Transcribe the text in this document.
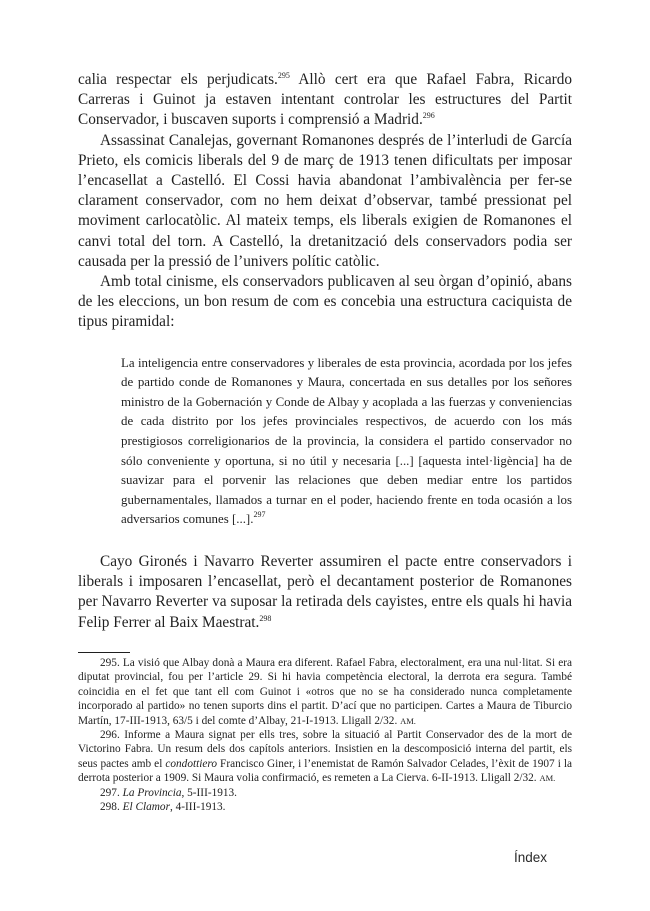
calia respectar els perjudicats.$^{295}$ Allò cert era que Rafael Fabra, Ricardo Carreras i Guinot ja estaven intentant controlar les estructures del Partit Conservador, i buscaven suports i comprensió a Madrid.$^{296}$

Assassinat Canalejas, governant Romanones després de l’interludi de García Prieto, els comicis liberals del 9 de març de 1913 tenen dificultats per imposar l’encasellat a Castelló. El Cossi havia abandonat l’ambivalència per fer-se clarament conservador, com no hem deixat d’observar, també pressionat pel moviment carlocatòlic. Al mateix temps, els liberals exigien de Romanones el canvi total del torn. A Castelló, la dretanització dels conservadors podia ser causada per la pressió de l’univers polític catòlic.

Amb total cinisme, els conservadors publicaven al seu òrgan d’opinió, abans de les eleccions, un bon resum de com es concebia una estructura caciquista de tipus piramidal:

La inteligencia entre conservadores y liberales de esta provincia, acordada por los jefes de partido conde de Romanones y Maura, concertada en sus detalles por los señores ministro de la Gobernación y Conde de Albay y acoplada a las fuerzas y conveniencias de cada distrito por los jefes provinciales respectivos, de acuerdo con los más prestigiosos correligionarios de la provincia, la considera el partido conservador no sólo conveniente y oportuna, si no útil y necesaria [...] [aquesta intel·ligència] ha de suavizar para el porvenir las relaciones que deben mediar entre los partidos gubernamentales, llamados a turnar en el poder, haciendo frente en toda ocasión a los adversarios comunes [...].$^{297}$

Cayo Gironés i Navarro Reverter assumiren el pacte entre conservadors i liberals i imposaren l’encasellat, però el decantament posterior de Romanones per Navarro Reverter va suposar la retirada dels cayistes, entre els quals hi havia Felip Ferrer al Baix Maestrat.$^{298}$

295. La visió que Albay donà a Maura era diferent. Rafael Fabra, electoralment, era una nul·litat. Si era diputat provincial, fou per l’article 29. Si hi havia competència electoral, la derrota era segura. També coincidia en el fet que tant ell com Guinot i «otros que no se ha considerado nunca completamente incorporado al partido» no tenen suports dins el partit. D’ací que no participen. Cartes a Maura de Tiburcio Martín, 17-III-1913, 63/5 i del comte d’Albay, 21-I-1913. Lligall 2/32. AM.

296. Informe a Maura signat per ells tres, sobre la situació al Partit Conservador des de la mort de Victorino Fabra. Un resum dels dos capítols anteriors. Insistien en la descomposició interna del partit, els seus pactes amb el condottiero Francisco Giner, i l’enemistat de Ramón Salvador Celades, l’èxit de 1907 i la derrota posterior a 1909. Si Maura volia confirmació, es remeten a La Cierva. 6-II-1913. Lligall 2/32. AM.

297. La Provincia, 5-III-1913.

298. El Clamor, 4-III-1913.

Índex
